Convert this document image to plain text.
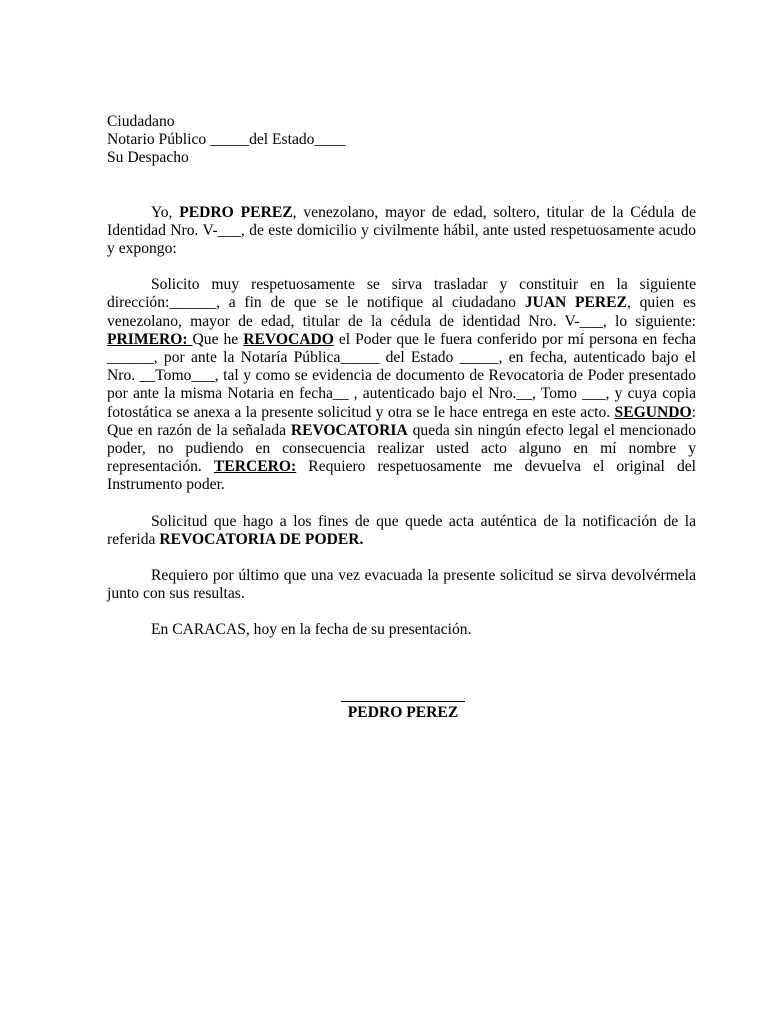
Ciudadano
Notario Público _____del Estado____
Su Despacho

Yo, PEDRO PEREZ, venezolano, mayor de edad, soltero, titular de la Cédula de Identidad Nro. V-___, de este domicilio y civilmente hábil, ante usted respetuosamente acudo y expongo:

Solicito muy respetuosamente se sirva trasladar y constituir en la siguiente dirección:______, a fin de que se le notifique al ciudadano JUAN PEREZ, quien es venezolano, mayor de edad, titular de la cédula de identidad Nro. V-___, lo siguiente: PRIMERO: Que he REVOCADO el Poder que le fuera conferido por mí persona en fecha ______, por ante la Notaría Pública_____ del Estado _____, en fecha, autenticado bajo el Nro. __Tomo___, tal y como se evidencia de documento de Revocatoria de Poder presentado por ante la misma Notaria en fecha__ , autenticado bajo el Nro.__, Tomo ___, y cuya copia fotostática se anexa a la presente solicitud y otra se le hace entrega en este acto. SEGUNDO: Que en razón de la señalada REVOCATORIA queda sin ningún efecto legal el mencionado poder, no pudiendo en consecuencia realizar usted acto alguno en mí nombre y representación. TERCERO: Requiero respetuosamente me devuelva el original del Instrumento poder.

Solicitud que hago a los fines de que quede acta auténtica de la notificación de la referida REVOCATORIA DE PODER.

Requiero por último que una vez evacuada la presente solicitud se sirva devolvérmela junto con sus resultas.

En CARACAS, hoy en la fecha de su presentación.

PEDRO PEREZ
